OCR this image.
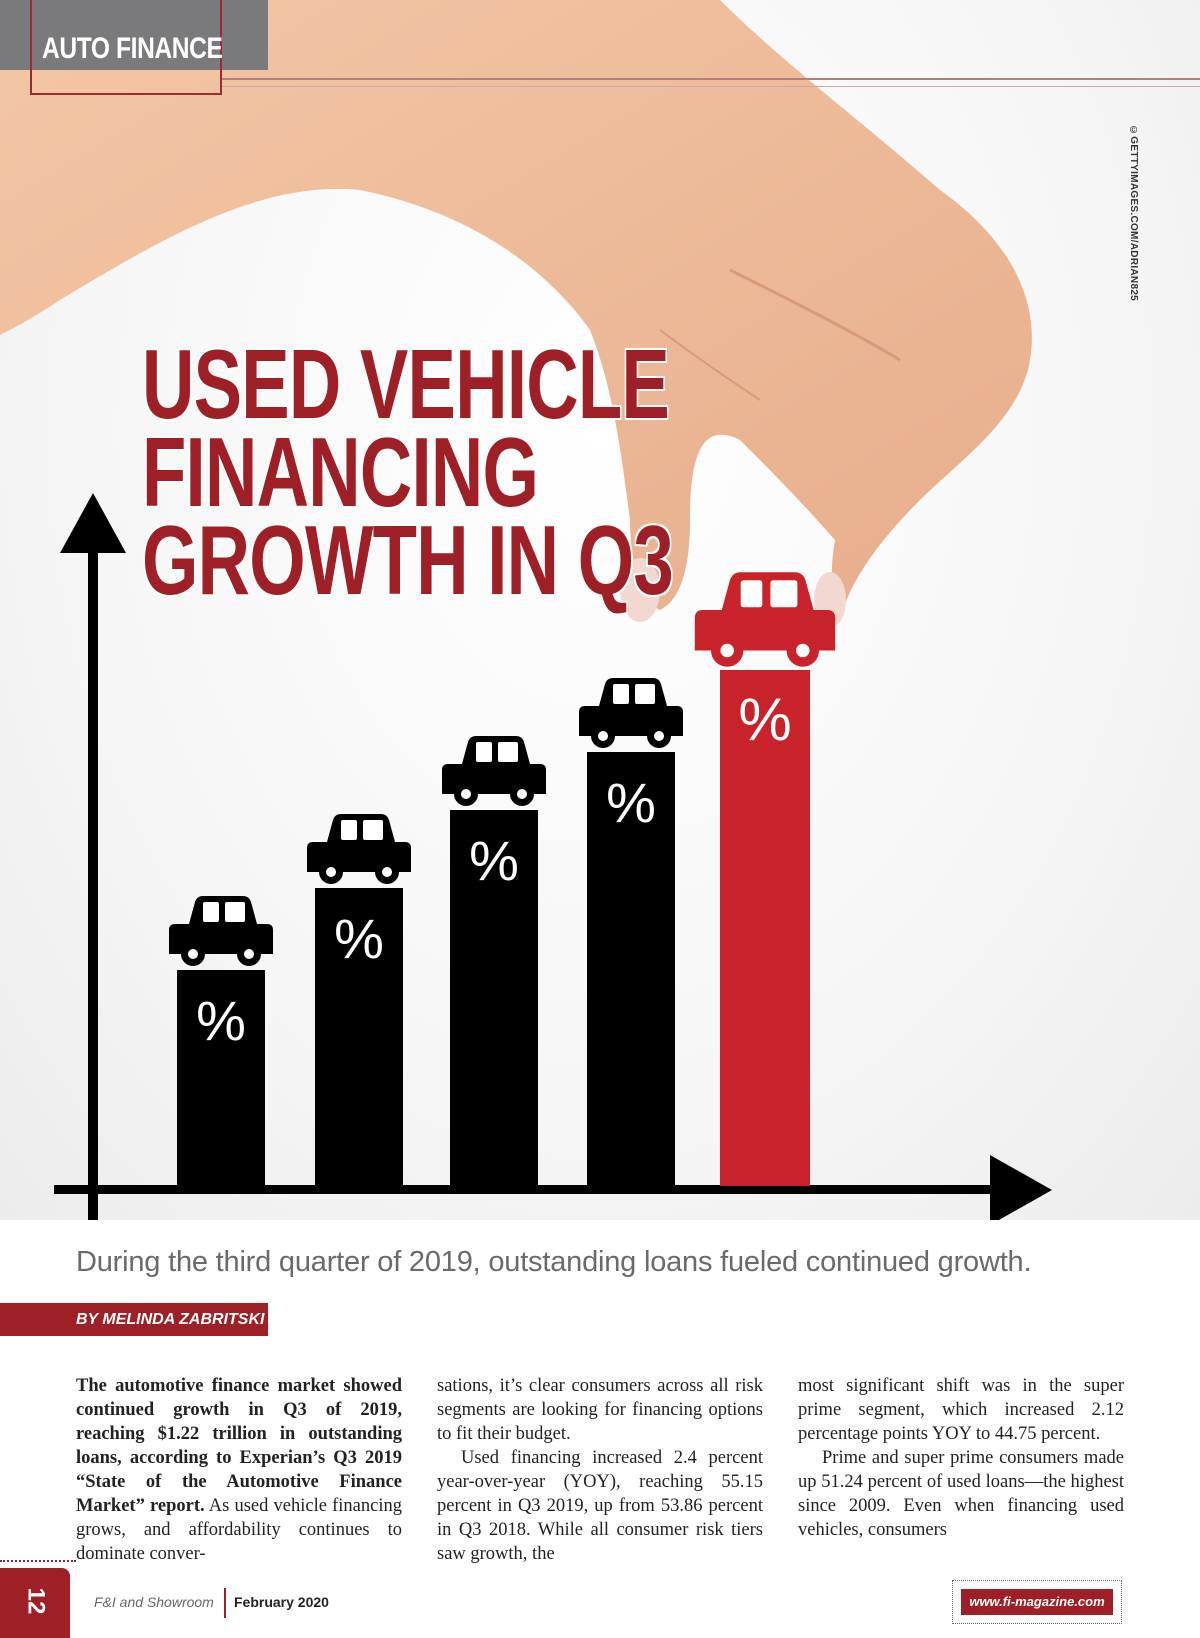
%
%
%
%
%
AUTO FINANCE
©GETTYIMAGES.COM/ADRIAN825
USED VEHICLE
FINANCING
GROWTH IN Q3
During the third quarter of 2019, outstanding loans fueled continued growth.
BY MELINDA ZABRITSKI

The automotive finance market showed continued growth in Q3 of 2019, reaching $1.22 trillion in outstanding loans, according to Experian’s Q3 2019 “State of the Automotive Finance Market” report. As used vehicle financing grows, and affordability continues to dominate conver-

sations, it’s clear consumers across all risk segments are looking for financing options to fit their budget.

Used financing increased 2.4 percent year-over-year (YOY), reaching 55.15 percent in Q3 2019, up from 53.86 percent in Q3 2018. While all consumer risk tiers saw growth, the

most significant shift was in the super prime segment, which increased 2.12 percentage points YOY to 44.75 percent.

Prime and super prime consumers made up 51.24 percent of used loans—the highest since 2009. Even when financing used vehicles, consumers

12	F&I and Showroom February 2020	www.fi-magazine.com
